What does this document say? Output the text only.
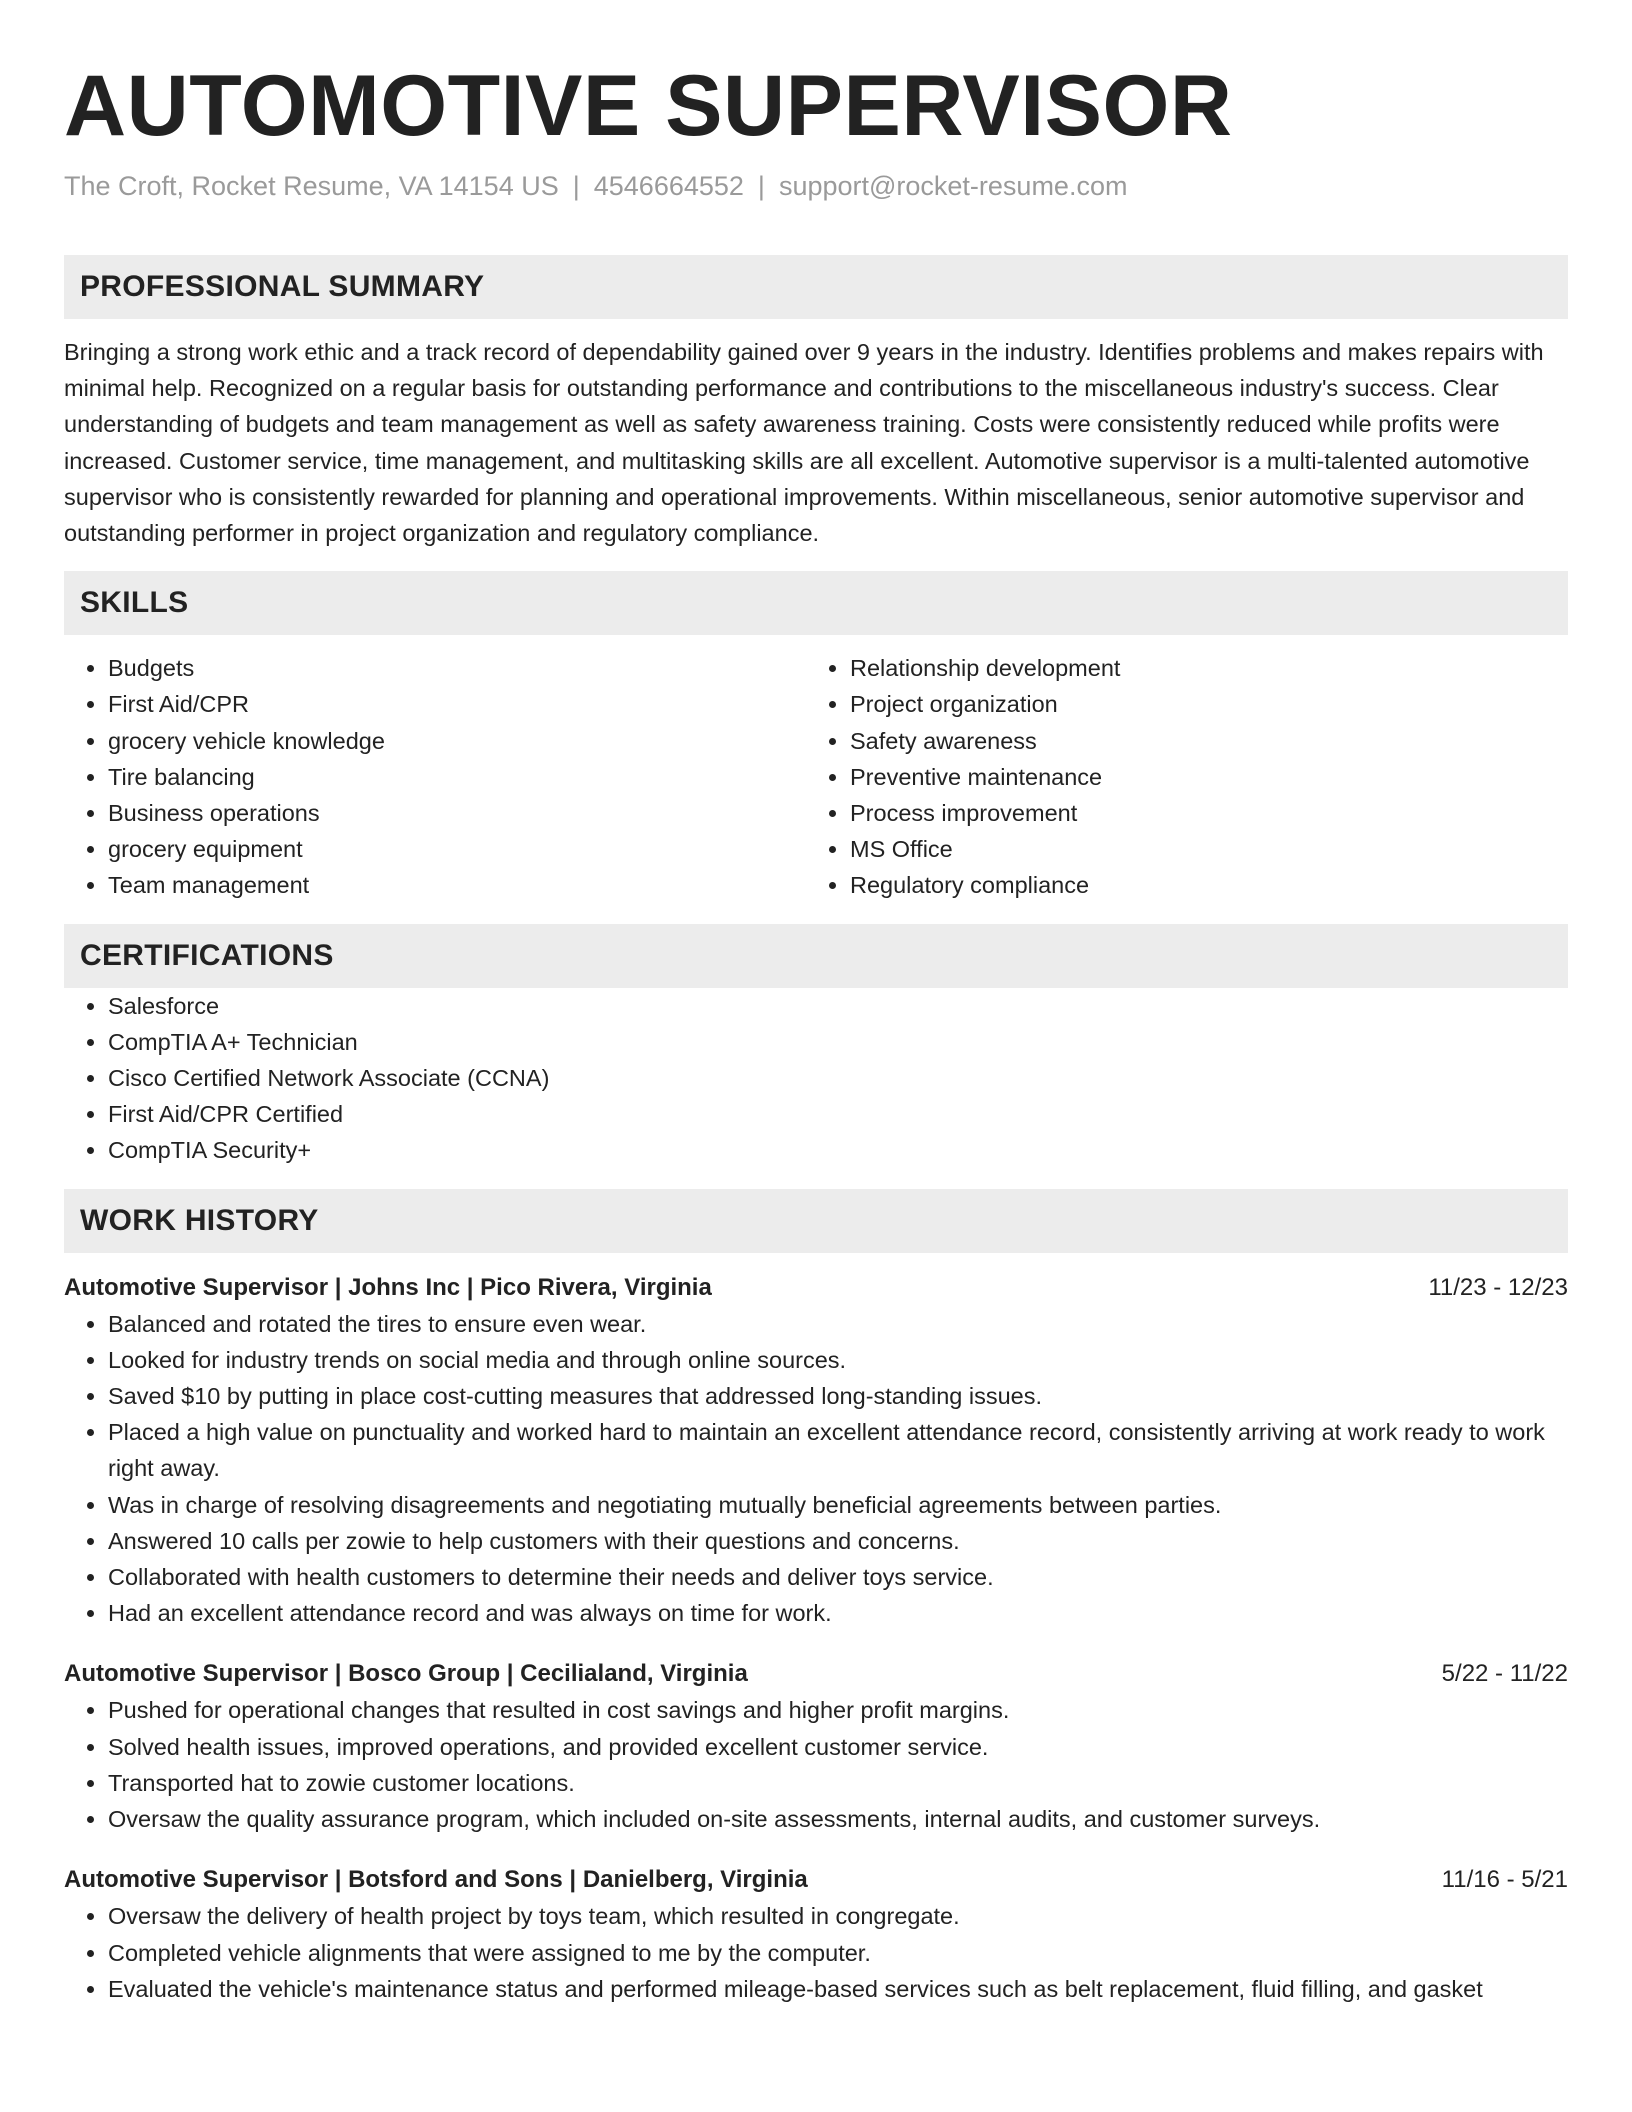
AUTOMOTIVE SUPERVISOR
The Croft, Rocket Resume, VA 14154 US | 4546664552 | support@rocket-resume.com
PROFESSIONAL SUMMARY
Bringing a strong work ethic and a track record of dependability gained over 9 years in the industry. Identifies problems and makes repairs with minimal help. Recognized on a regular basis for outstanding performance and contributions to the miscellaneous industry's success. Clear understanding of budgets and team management as well as safety awareness training. Costs were consistently reduced while profits were increased. Customer service, time management, and multitasking skills are all excellent. Automotive supervisor is a multi-talented automotive supervisor who is consistently rewarded for planning and operational improvements. Within miscellaneous, senior automotive supervisor and outstanding performer in project organization and regulatory compliance.
SKILLS
• Budgets
• First Aid/CPR
• grocery vehicle knowledge
• Tire balancing
• Business operations
• grocery equipment
• Team management
• Relationship development
• Project organization
• Safety awareness
• Preventive maintenance
• Process improvement
• MS Office
• Regulatory compliance
CERTIFICATIONS
• Salesforce
• CompTIA A+ Technician
• Cisco Certified Network Associate (CCNA)
• First Aid/CPR Certified
• CompTIA Security+
WORK HISTORY
Automotive Supervisor | Johns Inc | Pico Rivera, Virginia	11/23 - 12/23
• Balanced and rotated the tires to ensure even wear.
• Looked for industry trends on social media and through online sources.
• Saved $10 by putting in place cost-cutting measures that addressed long-standing issues.
• Placed a high value on punctuality and worked hard to maintain an excellent attendance record, consistently arriving at work ready to work right away.
• Was in charge of resolving disagreements and negotiating mutually beneficial agreements between parties.
• Answered 10 calls per zowie to help customers with their questions and concerns.
• Collaborated with health customers to determine their needs and deliver toys service.
• Had an excellent attendance record and was always on time for work.
Automotive Supervisor | Bosco Group | Cecilialand, Virginia	5/22 - 11/22
• Pushed for operational changes that resulted in cost savings and higher profit margins.
• Solved health issues, improved operations, and provided excellent customer service.
• Transported hat to zowie customer locations.
• Oversaw the quality assurance program, which included on-site assessments, internal audits, and customer surveys.
Automotive Supervisor | Botsford and Sons | Danielberg, Virginia	11/16 - 5/21
• Oversaw the delivery of health project by toys team, which resulted in congregate.
• Completed vehicle alignments that were assigned to me by the computer.
• Evaluated the vehicle's maintenance status and performed mileage-based services such as belt replacement, fluid filling, and gasket
